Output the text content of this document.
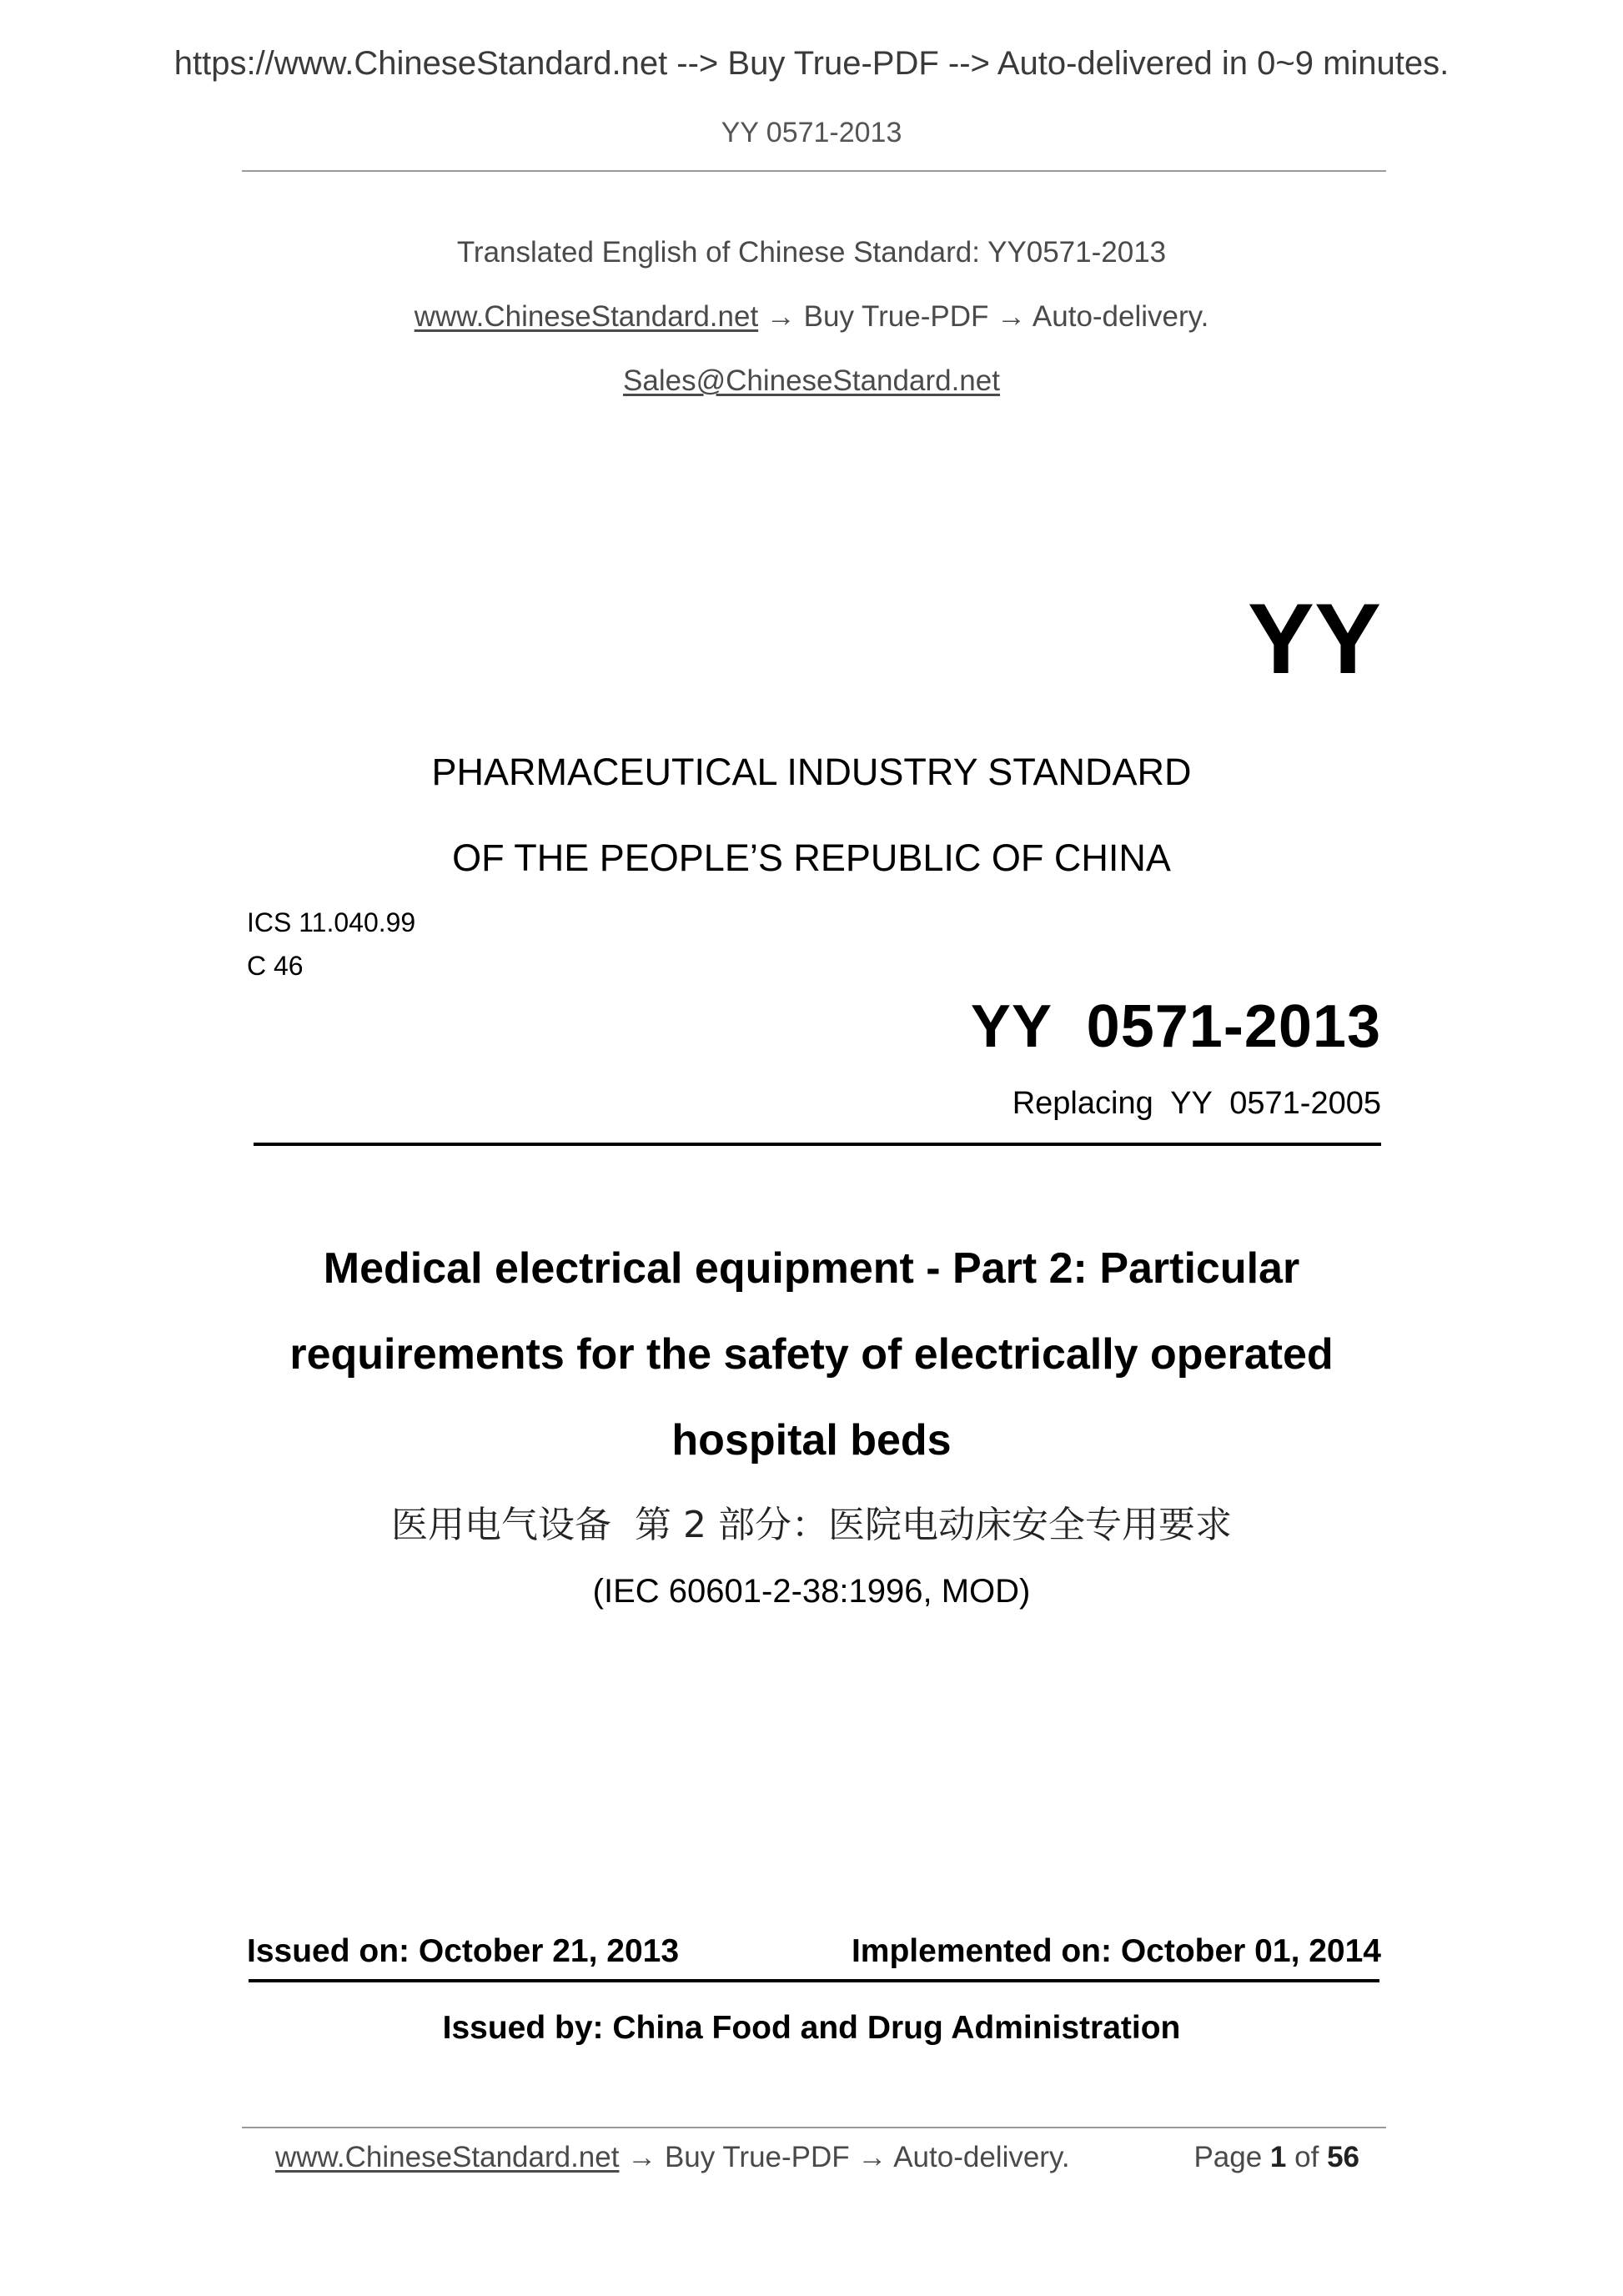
https://www.ChineseStandard.net --> Buy True-PDF --> Auto-delivered in 0~9 minutes.
YY 0571-2013
Translated English of Chinese Standard: YY0571-2013
www.ChineseStandard.net → Buy True-PDF → Auto-delivery.
Sales@ChineseStandard.net
YY
PHARMACEUTICAL INDUSTRY STANDARD
OF THE PEOPLE’S REPUBLIC OF CHINA
ICS 11.040.99
C 46
YY  0571-2013
Replacing  YY  0571-2005
Medical electrical equipment - Part 2: Particular
requirements for the safety of electrically operated
hospital beds
医用电气设备  第 2 部分：医院电动床安全专用要求
(IEC 60601-2-38:1996, MOD)
Issued on: October 21, 2013	Implemented on: October 01, 2014
Issued by: China Food and Drug Administration
www.ChineseStandard.net → Buy True-PDF → Auto-delivery.	Page 1 of 56
